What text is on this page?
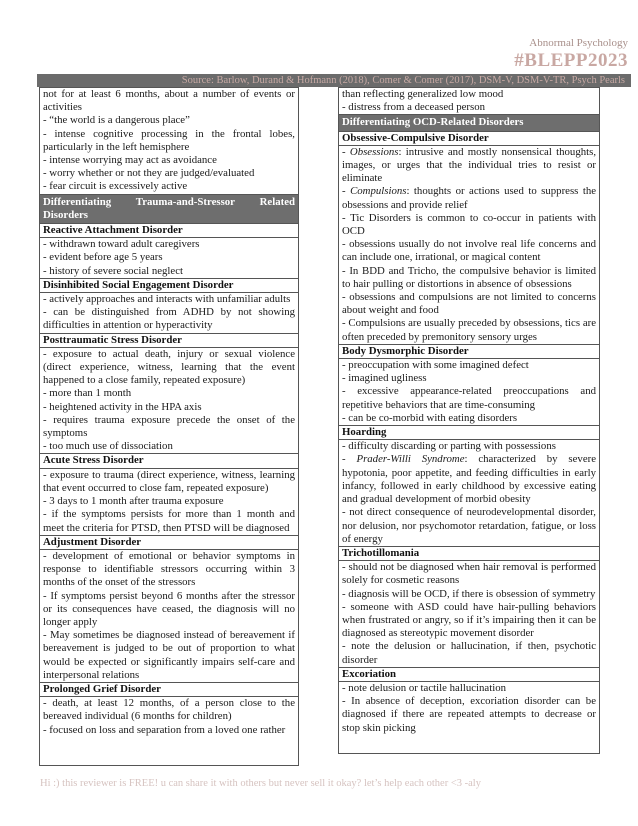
Abnormal Psychology
#BLEPP2023
Source: Barlow, Durand & Hofmann (2018), Comer & Comer (2017), DSM-V, DSM-V-TR, Psych Pearls

not for at least 6 months, about a number of events or activities

- “the world is a dangerous place”

- intense cognitive processing in the frontal lobes, particularly in the left hemisphere

- intense worrying may act as avoidance

- worry whether or not they are judged/evaluated

- fear circuit is excessively active

Differentiating Trauma-and-Stressor Related Disorders
Reactive Attachment Disorder

- withdrawn toward adult caregivers

- evident before age 5 years

- history of severe social neglect

Disinhibited Social Engagement Disorder

- actively approaches and interacts with unfamiliar adults

- can be distinguished from ADHD by not showing difficulties in attention or hyperactivity

Posttraumatic Stress Disorder

- exposure to actual death, injury or sexual violence (direct experience, witness, learning that the event happened to a close family, repeated exposure)

- more than 1 month

- heightened activity in the HPA axis

- requires trauma exposure precede the onset of the symptoms

- too much use of dissociation

Acute Stress Disorder

- exposure to trauma (direct experience, witness, learning that event occurred to close fam, repeated exposure)

- 3 days to 1 month after trauma exposure

- if the symptoms persists for more than 1 month and meet the criteria for PTSD, then PTSD will be diagnosed

Adjustment Disorder

- development of emotional or behavior symptoms in response to identifiable stressors occurring within 3 months of the onset of the stressors

- If symptoms persist beyond 6 months after the stressor or its consequences have ceased, the diagnosis will no longer apply

- May sometimes be diagnosed instead of bereavement if bereavement is judged to be out of proportion to what would be expected or significantly impairs self-care and interpersonal relations

Prolonged Grief Disorder

- death, at least 12 months, of a person close to the bereaved individual (6 months for children)

- focused on loss and separation from a loved one rather

than reflecting generalized low mood

- distress from a deceased person

Differentiating OCD-Related Disorders
Obsessive-Compulsive Disorder

- Obsessions: intrusive and mostly nonsensical thoughts, images, or urges that the individual tries to resist or eliminate

- Compulsions: thoughts or actions used to suppress the obsessions and provide relief

- Tic Disorders is common to co-occur in patients with OCD

- obsessions usually do not involve real life concerns and can include one, irrational, or magical content

- In BDD and Tricho, the compulsive behavior is limited to hair pulling or distortions in absence of obsessions

- obsessions and compulsions are not limited to concerns about weight and food

- Compulsions are usually preceded by obsessions, tics are often preceded by premonitory sensory urges

Body Dysmorphic Disorder

- preoccupation with some imagined defect

- imagined ugliness

- excessive appearance-related preoccupations and repetitive behaviors that are time-consuming

- can be co-morbid with eating disorders

Hoarding

- difficulty discarding or parting with possessions

- Prader-Willi Syndrome: characterized by severe hypotonia, poor appetite, and feeding difficulties in early infancy, followed in early childhood by excessive eating and gradual development of morbid obesity

- not direct consequence of neurodevelopmental disorder, nor delusion, nor psychomotor retardation, fatigue, or loss of energy

Trichotillomania

- should not be diagnosed when hair removal is performed solely for cosmetic reasons

- diagnosis will be OCD, if there is obsession of symmetry

- someone with ASD could have hair-pulling behaviors when frustrated or angry, so if it’s impairing then it can be diagnosed as stereotypic movement disorder

- note the delusion or hallucination, if then, psychotic disorder

Excoriation

- note delusion or tactile hallucination

- In absence of deception, excoriation disorder can be diagnosed if there are repeated attempts to decrease or stop skin picking

Hi :) this reviewer is FREE! u can share it with others but never sell it okay? let’s help each other <3 -aly
